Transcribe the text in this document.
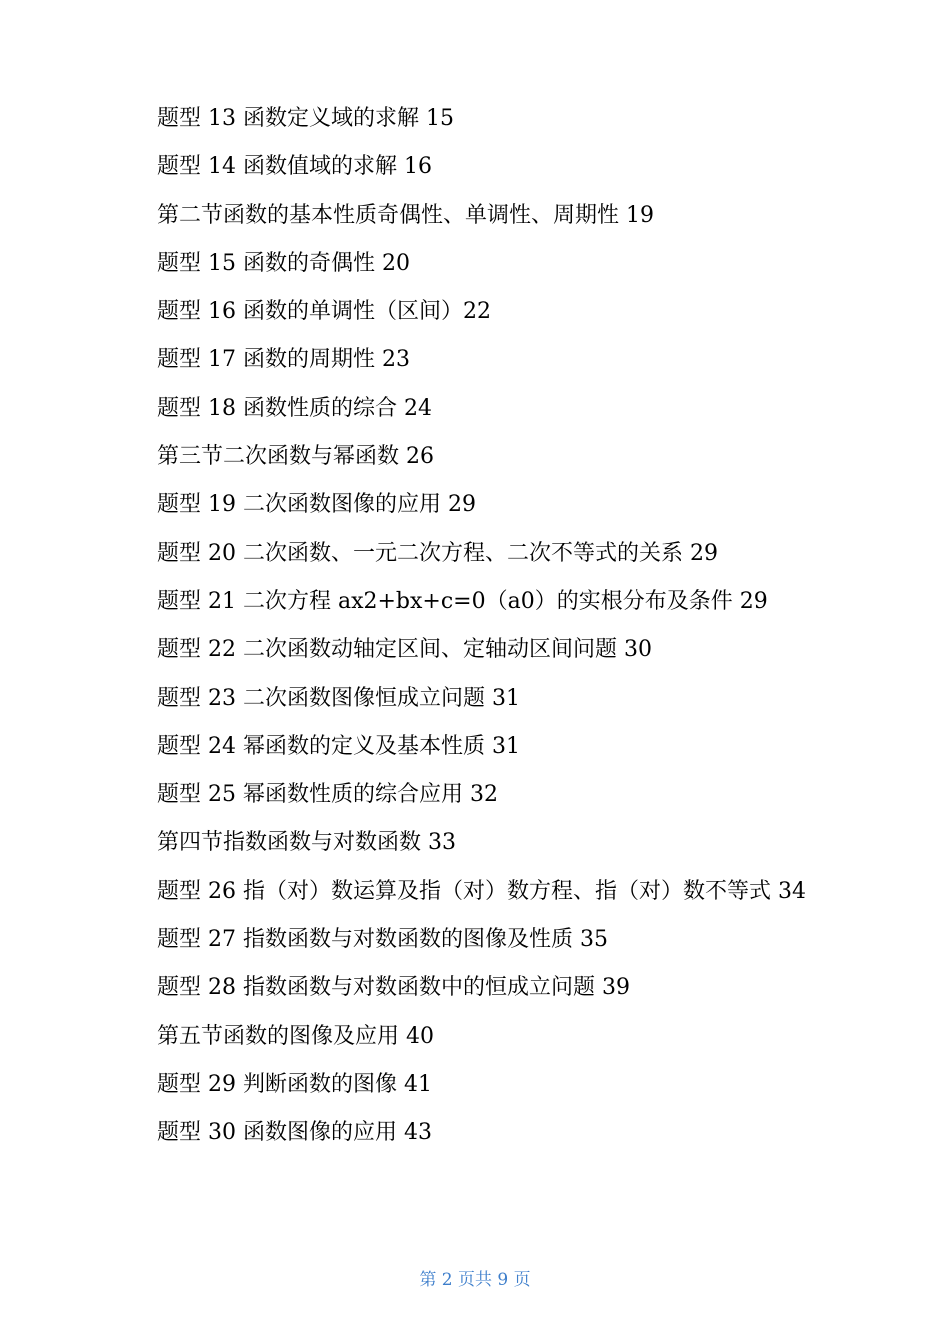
题型 13 函数定义域的求解 15
题型 14 函数值域的求解 16
第二节函数的基本性质奇偶性、单调性、周期性 19
题型 15 函数的奇偶性 20
题型 16 函数的单调性（区间）22
题型 17 函数的周期性 23
题型 18 函数性质的综合 24
第三节二次函数与幂函数 26
题型 19 二次函数图像的应用 29
题型 20 二次函数、一元二次方程、二次不等式的关系 29
题型 21 二次方程 ax2+bx+c=0（a0）的实根分布及条件 29
题型 22 二次函数动轴定区间、定轴动区间问题 30
题型 23 二次函数图像恒成立问题 31
题型 24 幂函数的定义及基本性质 31
题型 25 幂函数性质的综合应用 32
第四节指数函数与对数函数 33
题型 26 指（对）数运算及指（对）数方程、指（对）数不等式 34
题型 27 指数函数与对数函数的图像及性质 35
题型 28 指数函数与对数函数中的恒成立问题 39
第五节函数的图像及应用 40
题型 29 判断函数的图像 41
题型 30 函数图像的应用 43
第 2 页共 9 页
